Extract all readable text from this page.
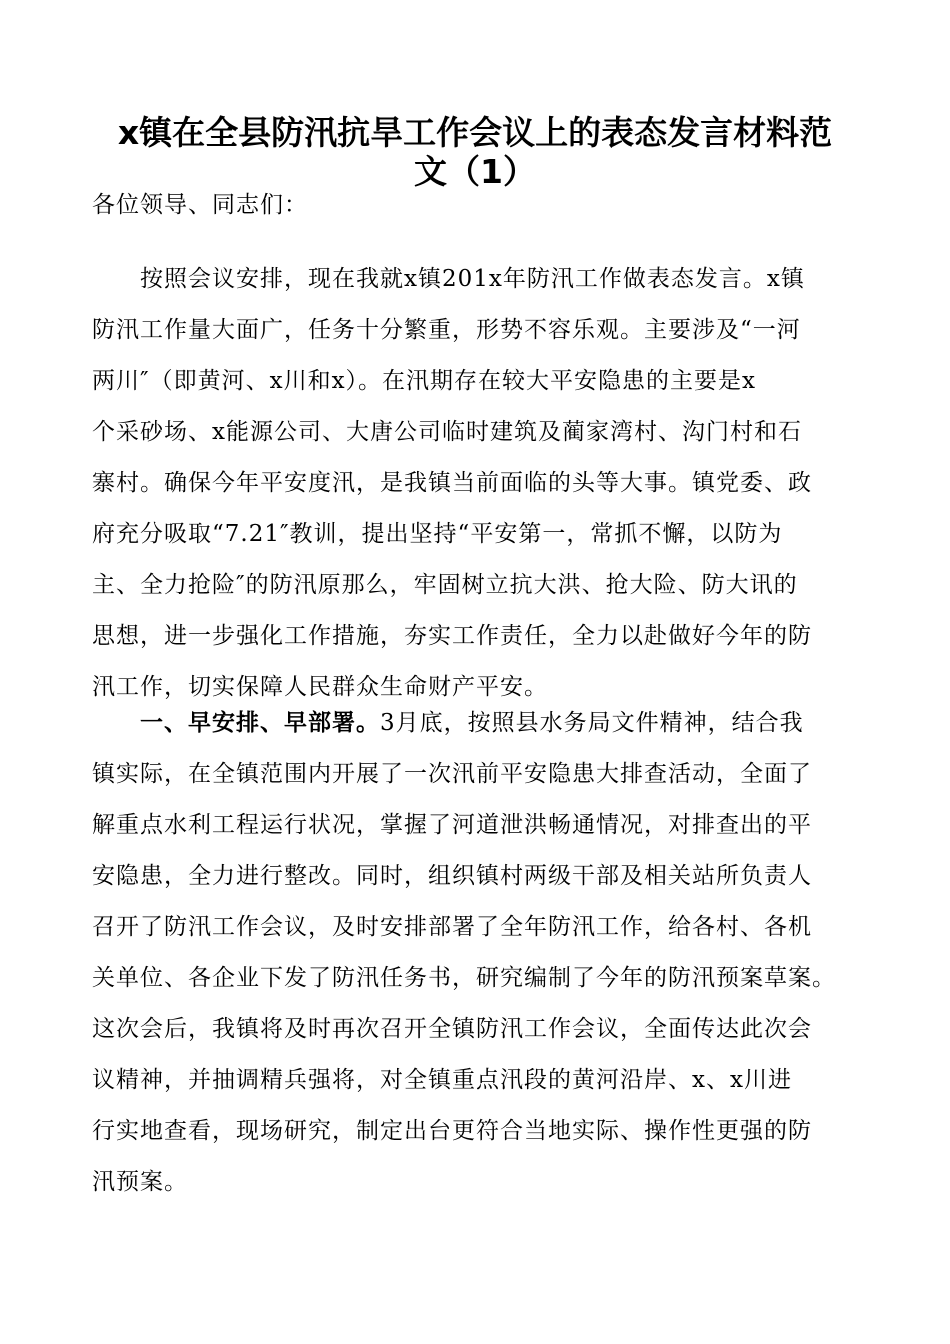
x镇在全县防汛抗旱工作会议上的表态发言材料范
文（1）

各位领导、同志们：

　　按照会议安排，现在我就x镇201x年防汛工作做表态发言。x镇
防汛工作量大面广，任务十分繁重，形势不容乐观。主要涉及“一河
两川″（即黄河、x川和x）。在汛期存在较大平安隐患的主要是x
个采砂场、x能源公司、大唐公司临时建筑及蔺家湾村、沟门村和石
寨村。确保今年平安度汛，是我镇当前面临的头等大事。镇党委、政
府充分吸取“7.21″教训，提出坚持“平安第一，常抓不懈，以防为
主、全力抢险″的防汛原那么，牢固树立抗大洪、抢大险、防大讯的
思想，进一步强化工作措施，夯实工作责任，全力以赴做好今年的防
汛工作，切实保障人民群众生命财产平安。
　　一、早安排、早部署。3月底，按照县水务局文件精神，结合我
镇实际，在全镇范围内开展了一次汛前平安隐患大排查活动，全面了
解重点水利工程运行状况，掌握了河道泄洪畅通情况，对排查出的平
安隐患，全力进行整改。同时，组织镇村两级干部及相关站所负责人
召开了防汛工作会议，及时安排部署了全年防汛工作，给各村、各机
关单位、各企业下发了防汛任务书，研究编制了今年的防汛预案草案。
这次会后，我镇将及时再次召开全镇防汛工作会议，全面传达此次会
议精神，并抽调精兵强将，对全镇重点汛段的黄河沿岸、x、x川进
行实地查看，现场研究，制定出台更符合当地实际、操作性更强的防
汛预案。
